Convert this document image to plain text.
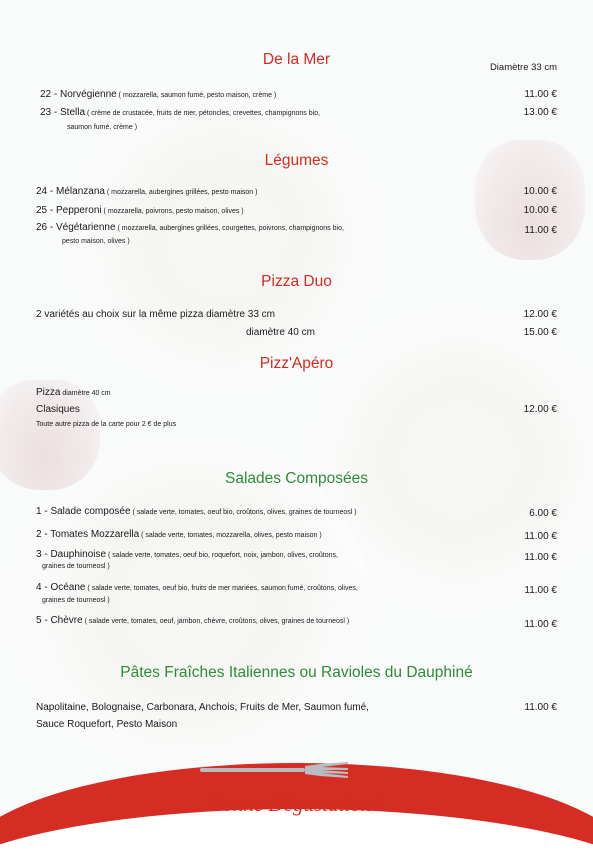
De la Mer	Diamètre 33 cm
22 - Norvégienne ( mozzarella, saumon fumé, pesto maison, crème )	11.00 €
23 - Stella ( crème de crustacée, fruits de mer, pétoncles, crevettes, champignons bio,
saumon fumé, crème )
13.00 €
Légumes
24 - Mélanzana ( mozzarella, aubergines grillées, pesto maison )	10.00 €
25 - Pepperoni ( mozzarella, poivrons, pesto maison, olives )	10.00 €
26 - Végétarienne ( mozzarella, aubergines grillées, courgettes, poivrons, champignons bio,
pesto maison, olives )
11.00 €
Pizza Duo
2 variétés au choix sur la même pizza diamètre 33 cm	12.00 €
diamètre 40 cm	15.00 €
Pizz'Apéro
Pizza diamètre 40 cm
Clasiques	12.00 €
Toute autre pizza de la carte pour 2 € de plus
Salades Composées
1 - Salade composée ( salade verte, tomates, oeuf bio, croûtons, olives, graines de tourneosl )	6.00 €
2 - Tomates Mozzarella ( salade verte, tomates, mozzarella, olives, pesto maison )	11.00 €
3 - Dauphinoise ( salade verte, tomates, oeuf bio, roquefort, noix, jambon, olives, croûtons,
graines de tourneosl )
11.00 €
4 - Océane ( salade verte, tomates, oeuf bio, fruits de mer mariées, saumon fumé, croûtons, olives,
graines de tourneosl )
11.00 €
5 - Chèvre ( salade verte, tomates, oeuf, jambon, chèvre, croûtons, olives, graines de tourneosl )	11.00 €
Pâtes Fraîches Italiennes ou Ravioles du Dauphiné
Napolitaine, Bolognaise, Carbonara, Anchois, Fruits de Mer, Saumon fumé,
Sauce Roquefort, Pesto Maison
11.00 €
Bonne Dégustation !
